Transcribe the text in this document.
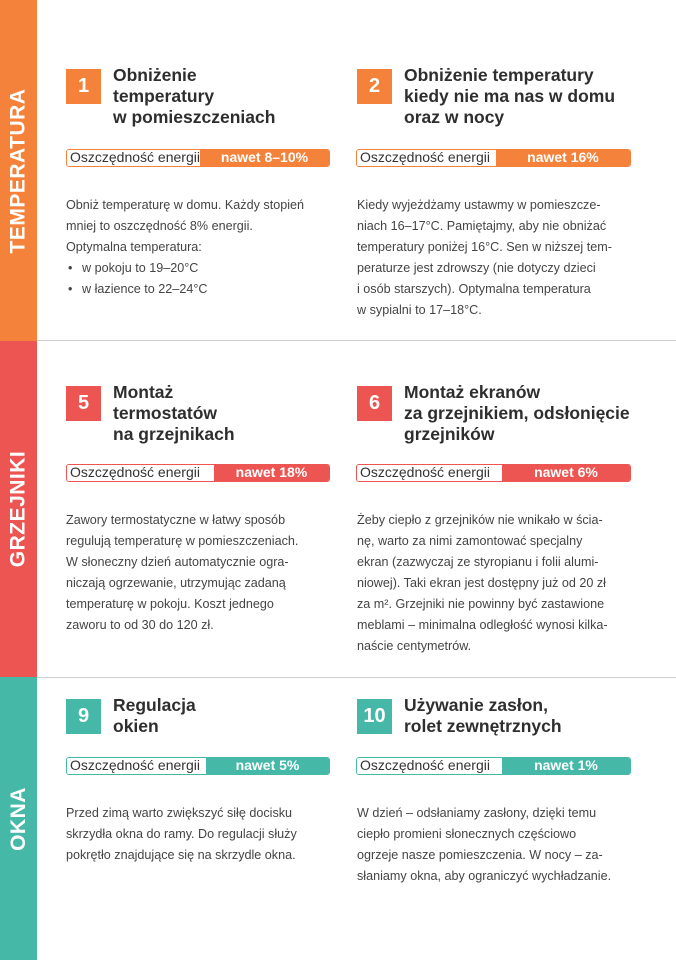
TEMPERATURA
GRZEJNIKI
OKNA
1	Obniżenie
temperatury
w pomieszczeniach
Oszczędność energii	nawet 8–10%
Obniż temperaturę w domu. Każdy stopień
mniej to oszczędność 8% energii.
Optymalna temperatura:
• w pokoju to 19–20°C
• w łazience to 22–24°C
2	Obniżenie temperatury
kiedy nie ma nas w domu
oraz w nocy
Oszczędność energii	nawet 16%
Kiedy wyjeżdżamy ustawmy w pomieszcze-
niach 16–17°C. Pamiętajmy, aby nie obniżać
temperatury poniżej 16°C. Sen w niższej tem-
peraturze jest zdrowszy (nie dotyczy dzieci
i osób starszych). Optymalna temperatura
w sypialni to 17–18°C.
5	Montaż
termostatów
na grzejnikach
Oszczędność energii	nawet 18%
Zawory termostatyczne w łatwy sposób
regulują temperaturę w pomieszczeniach.
W słoneczny dzień automatycznie ogra-
niczają ogrzewanie, utrzymując zadaną
temperaturę w pokoju. Koszt jednego
zaworu to od 30 do 120 zł.
6	Montaż ekranów
za grzejnikiem, odsłonięcie
grzejników
Oszczędność energii	nawet 6%
Żeby ciepło z grzejników nie wnikało w ścia-
nę, warto za nimi zamontować specjalny
ekran (zazwyczaj ze styropianu i folii alumi-
niowej). Taki ekran jest dostępny już od 20 zł
za m². Grzejniki nie powinny być zastawione
meblami – minimalna odległość wynosi kilka-
naście centymetrów.
9	Regulacja
okien
Oszczędność energii	nawet 5%
Przed zimą warto zwiększyć siłę docisku
skrzydła okna do ramy. Do regulacji służy
pokrętło znajdujące się na skrzydle okna.
10	Używanie zasłon,
rolet zewnętrznych
Oszczędność energii	nawet 1%
W dzień – odsłaniamy zasłony, dzięki temu
ciepło promieni słonecznych częściowo
ogrzeje nasze pomieszczenia. W nocy – za-
słaniamy okna, aby ograniczyć wychładzanie.
